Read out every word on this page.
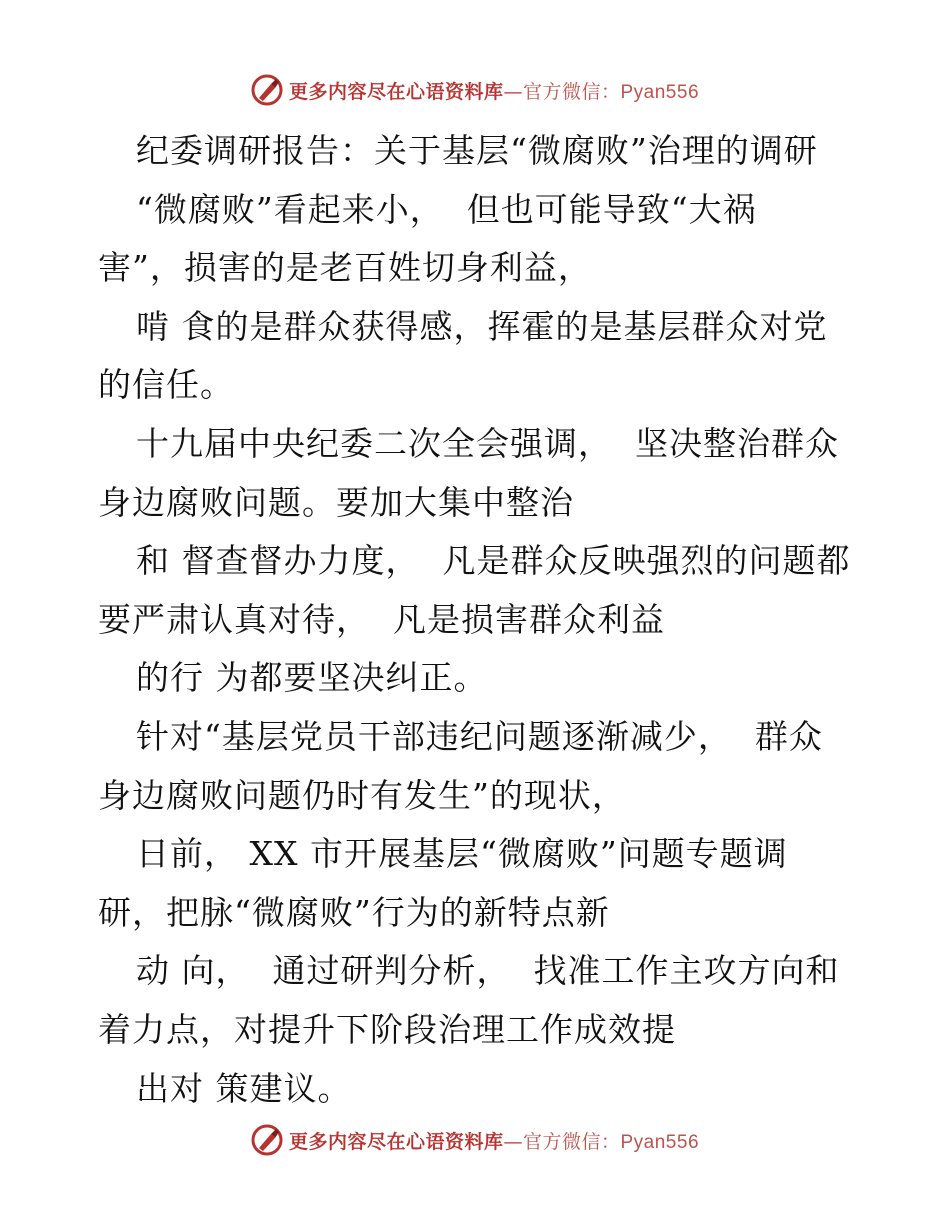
更多内容尽在心语资料库—官方微信：Pyan556
纪委调研报告：关于基层“微腐败”治理的调研
“微腐败”看起来小，  但也可能导致“大祸
害”，损害的是老百姓切身利益，
啃 食的是群众获得感，挥霍的是基层群众对党
的信任。
十九届中央纪委二次全会强调，  坚决整治群众
身边腐败问题。要加大集中整治
和 督查督办力度，  凡是群众反映强烈的问题都
要严肃认真对待，  凡是损害群众利益
的行 为都要坚决纠正。
针对“基层党员干部违纪问题逐渐减少，  群众
身边腐败问题仍时有发生”的现状，
日前， XX 市开展基层“微腐败”问题专题调
研，把脉“微腐败”行为的新特点新
动 向，  通过研判分析，  找准工作主攻方向和
着力点，对提升下阶段治理工作成效提
出对 策建议。
更多内容尽在心语资料库—官方微信：Pyan556
